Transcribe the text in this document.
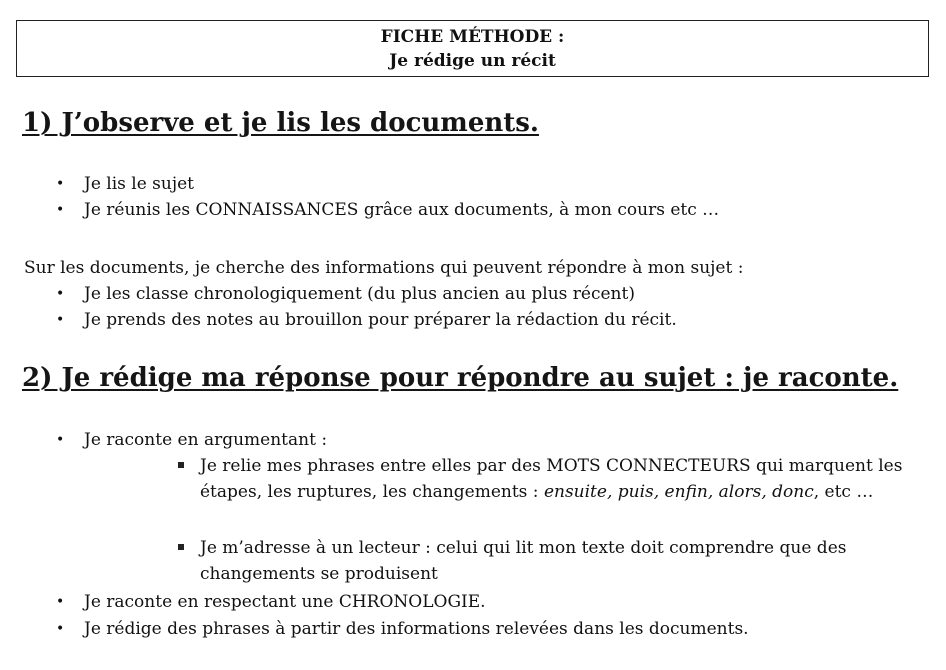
FICHE MÉTHODE :
Je rédige un récit
1) J’observe et je lis les documents.
• Je lis le sujet
• Je réunis les CONNAISSANCES grâce aux documents, à mon cours etc …
Sur les documents, je cherche des informations qui peuvent répondre à mon sujet :
• Je les classe chronologiquement (du plus ancien au plus récent)
• Je prends des notes au brouillon pour préparer la rédaction du récit.
2) Je rédige ma réponse pour répondre au sujet : je raconte.
• Je raconte en argumentant :
Je relie mes phrases entre elles par des MOTS CONNECTEURS qui marquent les étapes, les ruptures, les changements : ensuite, puis, enfin, alors, donc, etc …
Je m’adresse à un lecteur : celui qui lit mon texte doit comprendre que des changements se produisent
• Je raconte en respectant une CHRONOLOGIE.
• Je rédige des phrases à partir des informations relevées dans les documents.
